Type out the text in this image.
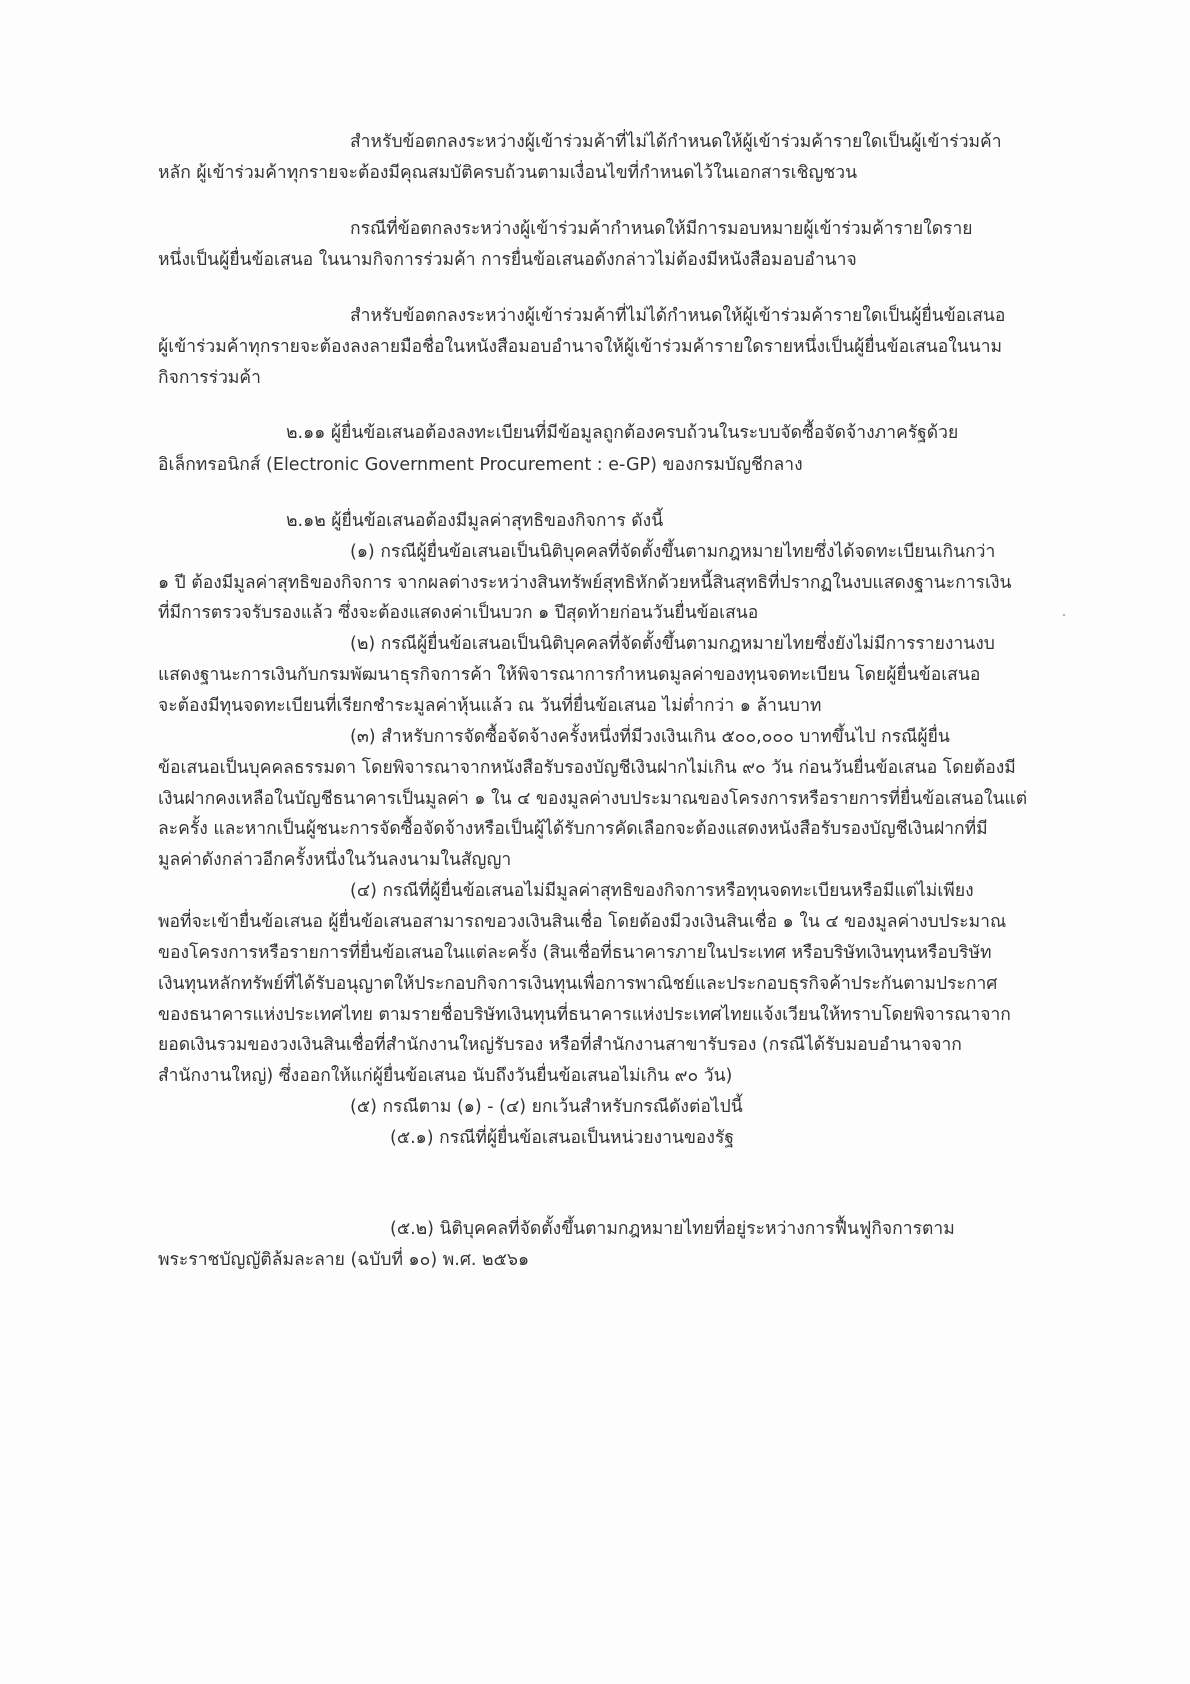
สำหรับข้อตกลงระหว่างผู้เข้าร่วมค้าที่ไม่ได้กำหนดให้ผู้เข้าร่วมค้ารายใดเป็นผู้เข้าร่วมค้า

หลัก ผู้เข้าร่วมค้าทุกรายจะต้องมีคุณสมบัติครบถ้วนตามเงื่อนไขที่กำหนดไว้ในเอกสารเชิญชวน

กรณีที่ข้อตกลงระหว่างผู้เข้าร่วมค้ากำหนดให้มีการมอบหมายผู้เข้าร่วมค้ารายใดราย

หนึ่งเป็นผู้ยื่นข้อเสนอ ในนามกิจการร่วมค้า การยื่นข้อเสนอดังกล่าวไม่ต้องมีหนังสือมอบอำนาจ

สำหรับข้อตกลงระหว่างผู้เข้าร่วมค้าที่ไม่ได้กำหนดให้ผู้เข้าร่วมค้ารายใดเป็นผู้ยื่นข้อเสนอ

ผู้เข้าร่วมค้าทุกรายจะต้องลงลายมือชื่อในหนังสือมอบอำนาจให้ผู้เข้าร่วมค้ารายใดรายหนึ่งเป็นผู้ยื่นข้อเสนอในนาม

กิจการร่วมค้า

๒.๑๑ ผู้ยื่นข้อเสนอต้องลงทะเบียนที่มีข้อมูลถูกต้องครบถ้วนในระบบจัดซื้อจัดจ้างภาครัฐด้วย

อิเล็กทรอนิกส์ (Electronic Government Procurement : e-GP) ของกรมบัญชีกลาง

๒.๑๒ ผู้ยื่นข้อเสนอต้องมีมูลค่าสุทธิของกิจการ ดังนี้

(๑) กรณีผู้ยื่นข้อเสนอเป็นนิติบุคคลที่จัดตั้งขึ้นตามกฎหมายไทยซึ่งได้จดทะเบียนเกินกว่า

๑ ปี ต้องมีมูลค่าสุทธิของกิจการ จากผลต่างระหว่างสินทรัพย์สุทธิหักด้วยหนี้สินสุทธิที่ปรากฏในงบแสดงฐานะการเงิน

ที่มีการตรวจรับรองแล้ว ซึ่งจะต้องแสดงค่าเป็นบวก ๑ ปีสุดท้ายก่อนวันยื่นข้อเสนอ

(๒) กรณีผู้ยื่นข้อเสนอเป็นนิติบุคคลที่จัดตั้งขึ้นตามกฎหมายไทยซึ่งยังไม่มีการรายงานงบ

แสดงฐานะการเงินกับกรมพัฒนาธุรกิจการค้า ให้พิจารณาการกำหนดมูลค่าของทุนจดทะเบียน โดยผู้ยื่นข้อเสนอ

จะต้องมีทุนจดทะเบียนที่เรียกชำระมูลค่าหุ้นแล้ว ณ วันที่ยื่นข้อเสนอ ไม่ต่ำกว่า ๑ ล้านบาท

(๓) สำหรับการจัดซื้อจัดจ้างครั้งหนึ่งที่มีวงเงินเกิน ๕๐๐,๐๐๐ บาทขึ้นไป กรณีผู้ยื่น

ข้อเสนอเป็นบุคคลธรรมดา โดยพิจารณาจากหนังสือรับรองบัญชีเงินฝากไม่เกิน ๙๐ วัน ก่อนวันยื่นข้อเสนอ โดยต้องมี

เงินฝากคงเหลือในบัญชีธนาคารเป็นมูลค่า ๑ ใน ๔ ของมูลค่างบประมาณของโครงการหรือรายการที่ยื่นข้อเสนอในแต่

ละครั้ง และหากเป็นผู้ชนะการจัดซื้อจัดจ้างหรือเป็นผู้ได้รับการคัดเลือกจะต้องแสดงหนังสือรับรองบัญชีเงินฝากที่มี

มูลค่าดังกล่าวอีกครั้งหนึ่งในวันลงนามในสัญญา

(๔) กรณีที่ผู้ยื่นข้อเสนอไม่มีมูลค่าสุทธิของกิจการหรือทุนจดทะเบียนหรือมีแต่ไม่เพียง

พอที่จะเข้ายื่นข้อเสนอ ผู้ยื่นข้อเสนอสามารถขอวงเงินสินเชื่อ โดยต้องมีวงเงินสินเชื่อ ๑ ใน ๔ ของมูลค่างบประมาณ

ของโครงการหรือรายการที่ยื่นข้อเสนอในแต่ละครั้ง (สินเชื่อที่ธนาคารภายในประเทศ หรือบริษัทเงินทุนหรือบริษัท

เงินทุนหลักทรัพย์ที่ได้รับอนุญาตให้ประกอบกิจการเงินทุนเพื่อการพาณิชย์และประกอบธุรกิจค้าประกันตามประกาศ

ของธนาคารแห่งประเทศไทย ตามรายชื่อบริษัทเงินทุนที่ธนาคารแห่งประเทศไทยแจ้งเวียนให้ทราบโดยพิจารณาจาก

ยอดเงินรวมของวงเงินสินเชื่อที่สำนักงานใหญ่รับรอง หรือที่สำนักงานสาขารับรอง (กรณีได้รับมอบอำนาจจาก

สำนักงานใหญ่) ซึ่งออกให้แก่ผู้ยื่นข้อเสนอ นับถึงวันยื่นข้อเสนอไม่เกิน ๙๐ วัน)

(๕) กรณีตาม (๑) - (๔) ยกเว้นสำหรับกรณีดังต่อไปนี้

(๕.๑) กรณีที่ผู้ยื่นข้อเสนอเป็นหน่วยงานของรัฐ

(๕.๒) นิติบุคคลที่จัดตั้งขึ้นตามกฎหมายไทยที่อยู่ระหว่างการฟื้นฟูกิจการตาม

พระราชบัญญัติล้มละลาย (ฉบับที่ ๑๐) พ.ศ. ๒๕๖๑
